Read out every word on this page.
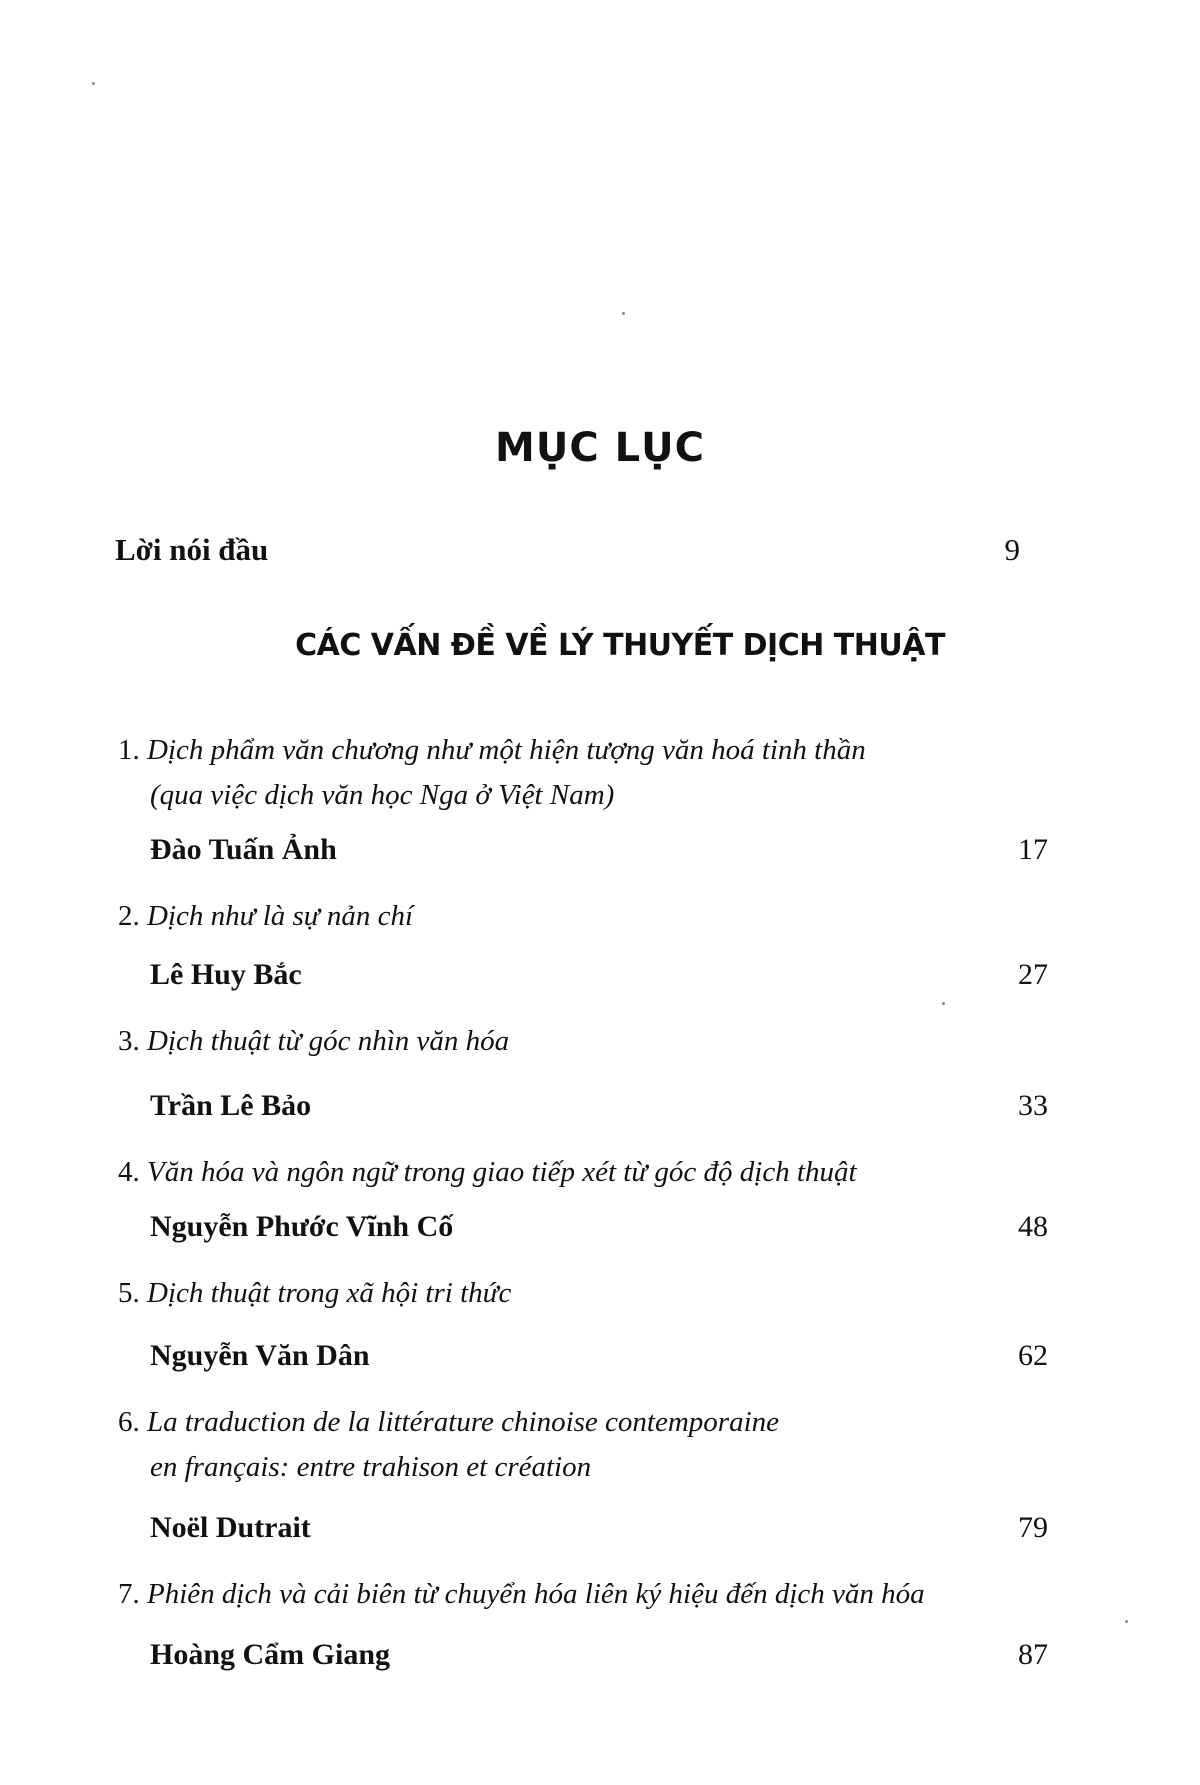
MỤC LỤC
Lời nói đầu	9
CÁC VẤN ĐỀ VỀ LÝ THUYẾT DỊCH THUẬT
1. Dịch phẩm văn chương như một hiện tượng văn hoá tinh thần
(qua việc dịch văn học Nga ở Việt Nam)
Đào Tuấn Ảnh	17
2. Dịch như là sự nản chí
Lê Huy Bắc	27
3. Dịch thuật từ góc nhìn văn hóa
Trần Lê Bảo	33
4. Văn hóa và ngôn ngữ trong giao tiếp xét từ góc độ dịch thuật
Nguyễn Phước Vĩnh Cố	48
5. Dịch thuật trong xã hội tri thức
Nguyễn Văn Dân	62
6. La traduction de la littérature chinoise contemporaine
en français: entre trahison et création
Noël Dutrait	79
7. Phiên dịch và cải biên từ chuyển hóa liên ký hiệu đến dịch văn hóa
Hoàng Cẩm Giang	87
